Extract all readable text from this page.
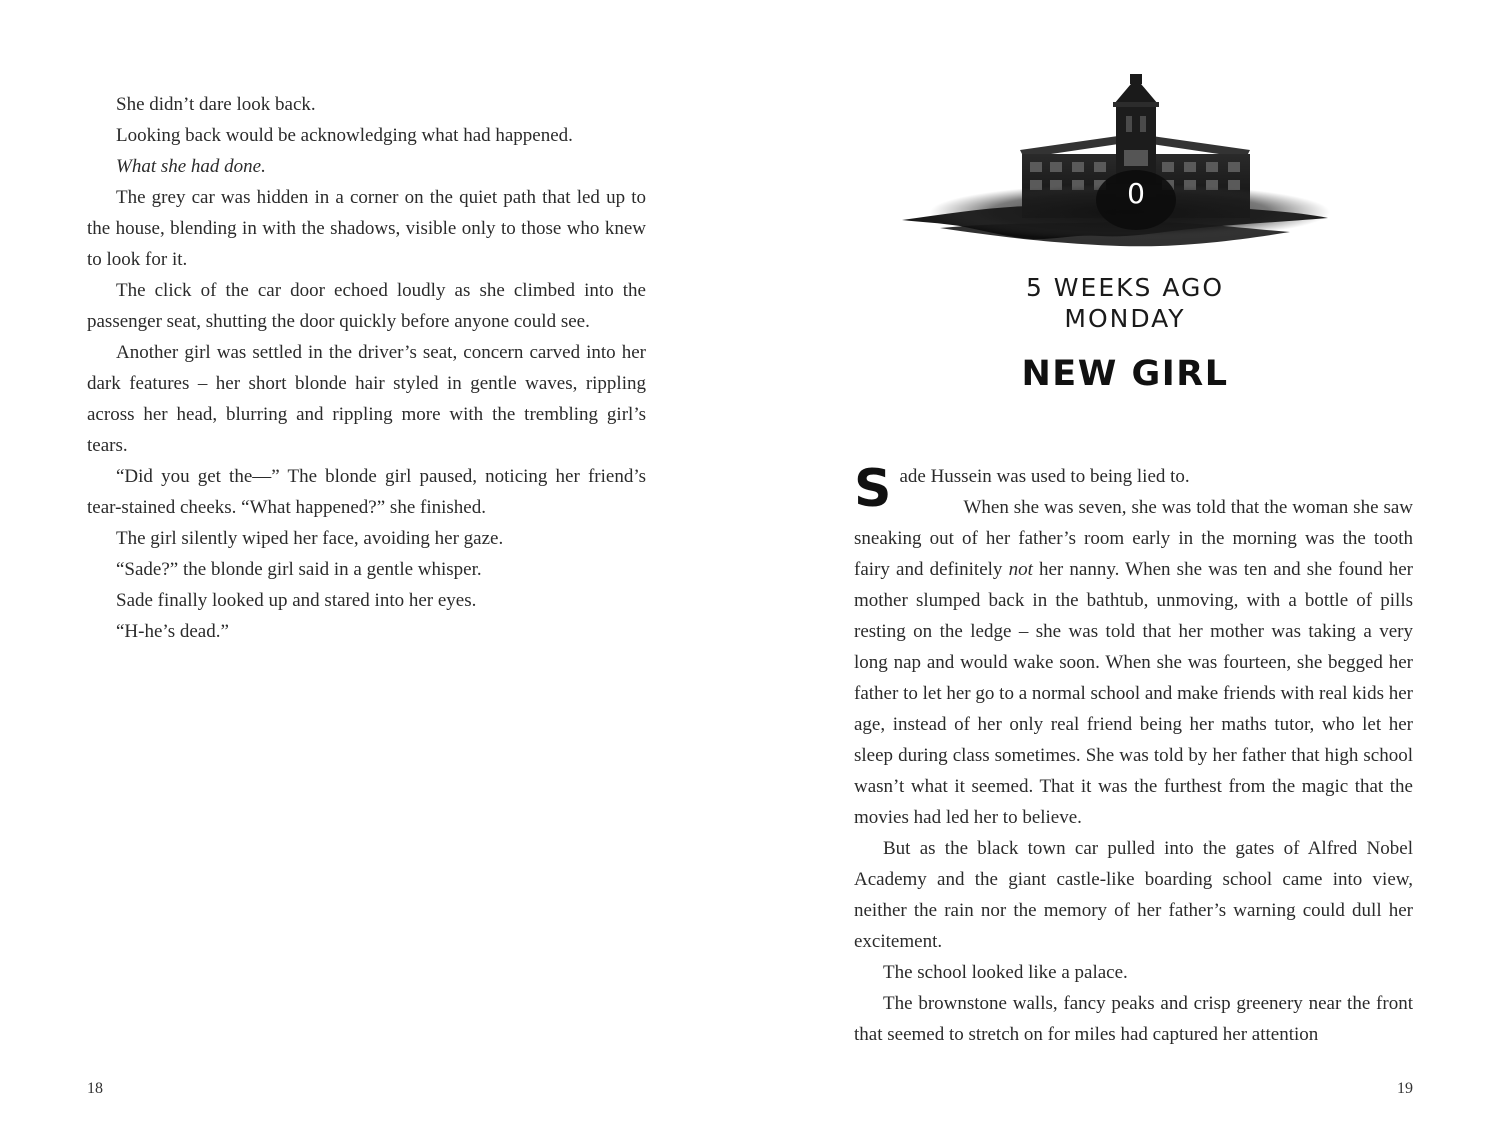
She didn’t dare look back.

Looking back would be acknowledging what had happened.

What she had done.

The grey car was hidden in a corner on the quiet path that led up to the house, blending in with the shadows, visible only to those who knew to look for it.

The click of the car door echoed loudly as she climbed into the passenger seat, shutting the door quickly before anyone could see.

Another girl was settled in the driver’s seat, concern carved into her dark features – her short blonde hair styled in gentle waves, rippling across her head, blurring and rippling more with the trembling girl’s tears.

“Did you get the—” The blonde girl paused, noticing her friend’s tear-stained cheeks. “What happened?” she finished.

The girl silently wiped her face, avoiding her gaze.

“Sade?” the blonde girl said in a gentle whisper.

Sade finally looked up and stared into her eyes.

“H-he’s dead.”

18
0
5 WEEKS AGO
MONDAY
NEW GIRL

Sade Hussein was used to being lied to.

When she was seven, she was told that the woman she saw sneaking out of her father’s room early in the morning was the tooth fairy and definitely not her nanny. When she was ten and she found her mother slumped back in the bathtub, unmoving, with a bottle of pills resting on the ledge – she was told that her mother was taking a very long nap and would wake soon. When she was fourteen, she begged her father to let her go to a normal school and make friends with real kids her age, instead of her only real friend being her maths tutor, who let her sleep during class sometimes. She was told by her father that high school wasn’t what it seemed. That it was the furthest from the magic that the movies had led her to believe.

But as the black town car pulled into the gates of Alfred Nobel Academy and the giant castle-like boarding school came into view, neither the rain nor the memory of her father’s warning could dull her excitement.

The school looked like a palace.

The brownstone walls, fancy peaks and crisp greenery near the front that seemed to stretch on for miles had captured her attention

19
